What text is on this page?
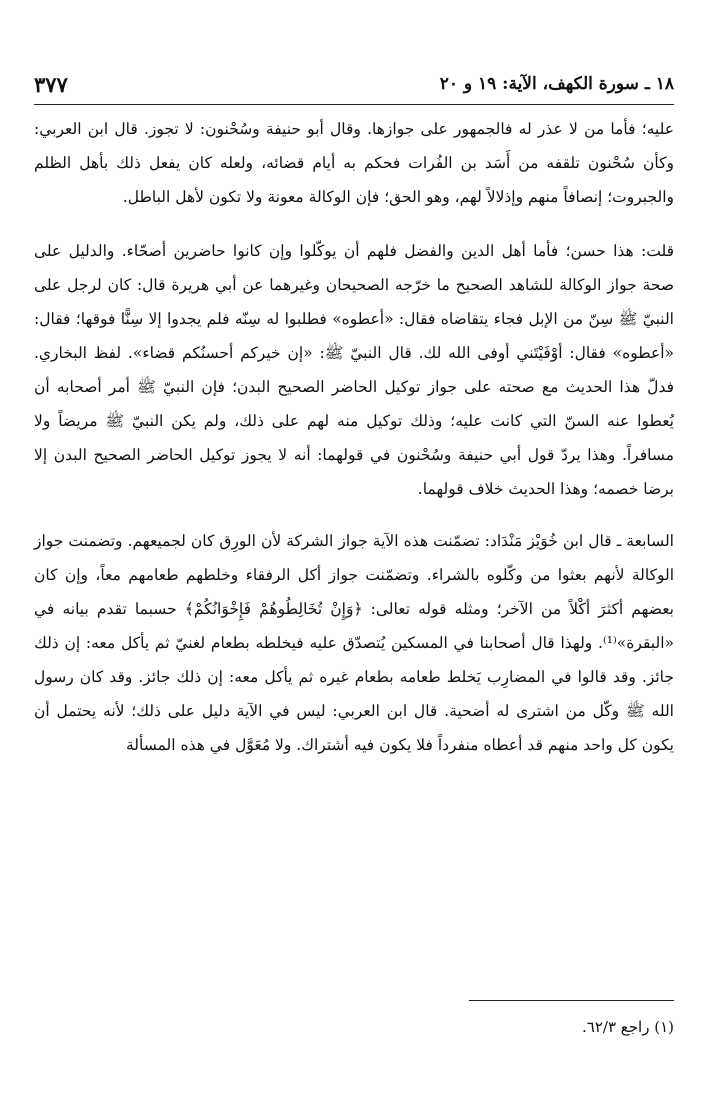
١٨ ـ سورة الكهف، الآية: ١٩ و ٢٠
٣٧٧

عليه؛ فأما من لا عذر له فالجمهور على جوازها. وقال أبو حنيفة وسُحْنون: لا تجوز. قال ابن العربي: وكأن سُحْنون تلقفه من أَسَد بن الفُرات فحكم به أيام قضائه، ولعله كان يفعل ذلك بأهل الظلم والجبروت؛ إنصافاً منهم وإذلالاً لهم، وهو الحق؛ فإن الوكالة معونة ولا تكون لأهل الباطل.

قلت: هذا حسن؛ فأما أهل الدين والفضل فلهم أن يوكّلوا وإن كانوا حاضرين أصحّاء. والدليل على صحة جواز الوكالة للشاهد الصحيح ما خرّجه الصحيحان وغيرهما عن أبي هريرة قال: كان لرجل على النبيّ ﷺ سِنّ من الإبل فجاء يتقاضاه فقال: «أعطوه» فطلبوا له سِنّه فلم يجدوا إلا سِنًّا فوقها؛ فقال: «أعطوه» فقال: أوْفَيْتَني أوفى الله لك. قال النبيّ ﷺ: «إن خيركم أحسنُكم قضاء». لفظ البخاري. فدلّ هذا الحديث مع صحته على جواز توكيل الحاضر الصحيح البدن؛ فإن النبيّ ﷺ أمر أصحابه أن يُعطوا عنه السنّ التي كانت عليه؛ وذلك توكيل منه لهم على ذلك، ولم يكن النبيّ ﷺ مريضاً ولا مسافراً. وهذا يردّ قول أبي حنيفة وسُحْنون في قولهما: أنه لا يجوز توكيل الحاضر الصحيح البدن إلا برضا خصمه؛ وهذا الحديث خلاف قولهما.

السابعة ـ قال ابن خُوَيْز مَنْدَاد: تضمّنت هذه الآية جواز الشركة لأن الورِق كان لجميعهم. وتضمنت جواز الوكالة لأنهم بعثوا من وكّلوه بالشراء. وتضمّنت جواز أكل الرفقاء وخلطهم طعامهم معاً، وإن كان بعضهم أكثرَ أكْلاً من الآخر؛ ومثله قوله تعالى: ﴿وَإِنْ تُخَالِطُوهُمْ فَإِخْوَانُكُمْ﴾ حسبما تقدم بيانه في «البقرة»⁽¹⁾. ولهذا قال أصحابنا في المسكين يُتصدّق عليه فيخلطه بطعام لغنيّ ثم يأكل معه: إن ذلك جائز. وقد قالوا في المضارِب يَخلط طعامه بطعام غيره ثم يأكل معه: إن ذلك جائز. وقد كان رسول الله ﷺ وكّل من اشترى له أضحية. قال ابن العربي: ليس في الآية دليل على ذلك؛ لأنه يحتمل أن يكون كل واحد منهم قد أعطاه منفرداً فلا يكون فيه أشتراك. ولا مُعَوَّل في هذه المسألة

(١) راجع ٦٢/٣.
